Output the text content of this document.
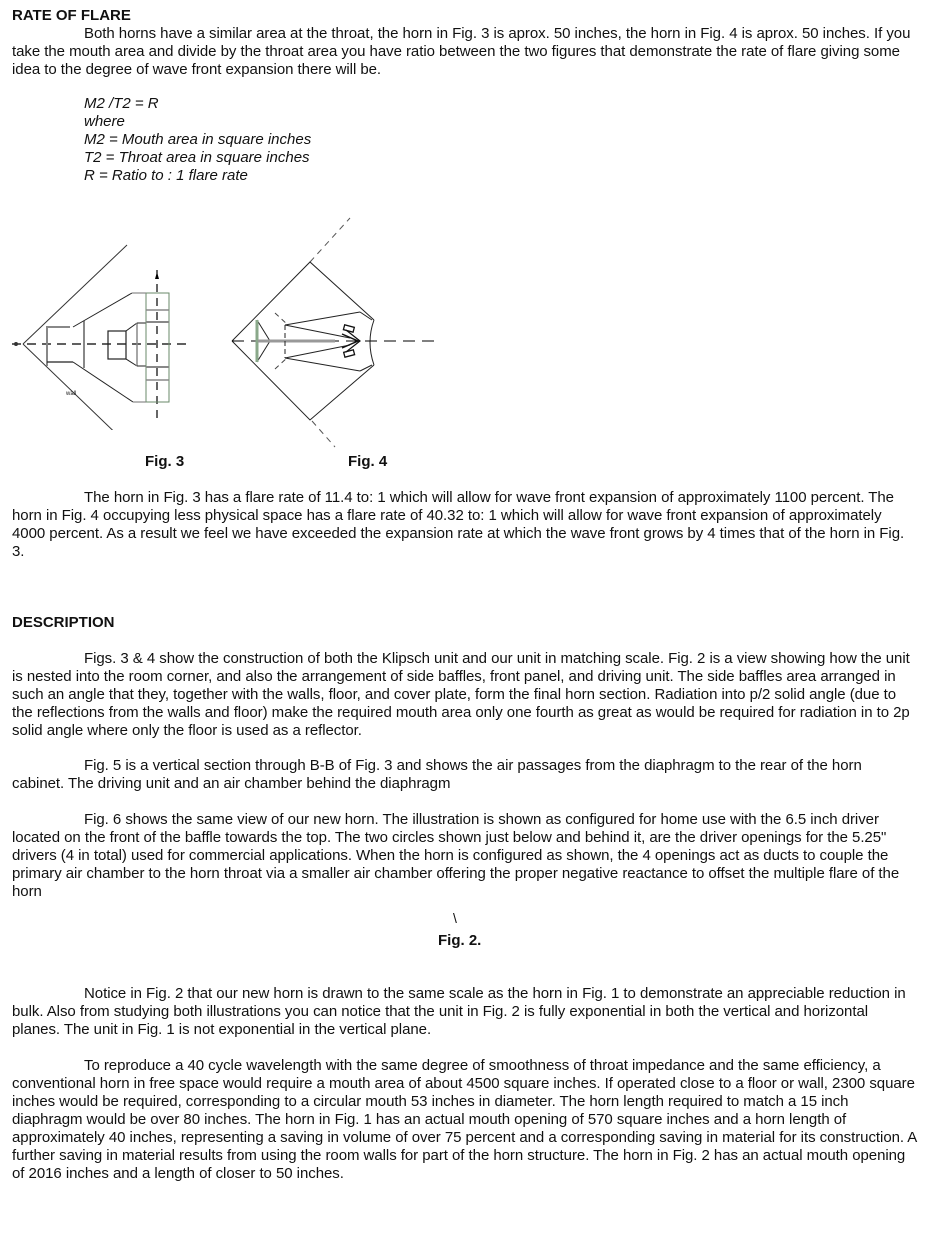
RATE OF FLARE

Both horns have a similar area at the throat, the horn in Fig. 3 is aprox. 50 inches, the horn in Fig. 4 is aprox. 50 inches. If you take the mouth area and divide by the throat area you have ratio between the two figures that demonstrate the rate of flare giving some idea to the degree of wave front expansion there will be.

M2 /T2 = R
where
M2 = Mouth area in square inches
T2 = Throat area in square inches
R = Ratio to : 1 flare rate
wall
Fig. 3	Fig. 4

The horn in Fig. 3 has a flare rate of 11.4 to: 1 which will allow for wave front expansion of approximately 1100 percent. The horn in Fig. 4 occupying less physical space has a flare rate of 40.32 to: 1 which will allow for wave front expansion of approximately 4000 percent. As a result we feel we have exceeded the expansion rate at which the wave front grows by 4 times that of the horn in Fig. 3.

DESCRIPTION

Figs. 3 & 4 show the construction of both the Klipsch unit and our unit in matching scale. Fig. 2 is a view showing how the unit is nested into the room corner, and also the arrangement of side baffles, front panel, and driving unit. The side baffles area arranged in such an angle that they, together with the walls, floor, and cover plate, form the final horn section. Radiation into p/2 solid angle (due to the reflections from the walls and floor) make the required mouth area only one fourth as great as would be required for radiation in to 2p solid angle where only the floor is used as a reflector.

Fig. 5 is a vertical section through B-B of Fig. 3 and shows the air passages from the diaphragm to the rear of the horn cabinet. The driving unit and an air chamber behind the diaphragm

Fig. 6 shows the same view of our new horn. The illustration is shown as configured for home use with the 6.5 inch driver located on the front of the baffle towards the top. The two circles shown just below and behind it, are the driver openings for the 5.25" drivers (4 in total) used for commercial applications. When the horn is configured as shown, the 4 openings act as ducts to couple the primary air chamber to the horn throat via a smaller air chamber offering the proper negative reactance to offset the multiple flare of the horn

\
Fig. 2.

Notice in Fig. 2 that our new horn is drawn to the same scale as the horn in Fig. 1 to demonstrate an appreciable reduction in bulk. Also from studying both illustrations you can notice that the unit in Fig. 2 is fully exponential in both the vertical and horizontal planes. The unit in Fig. 1 is not exponential in the vertical plane.

To reproduce a 40 cycle wavelength with the same degree of smoothness of throat impedance and the same efficiency, a conventional horn in free space would require a mouth area of about 4500 square inches. If operated close to a floor or wall, 2300 square inches would be required, corresponding to a circular mouth 53 inches in diameter. The horn length required to match a 15 inch diaphragm would be over 80 inches. The horn in Fig. 1 has an actual mouth opening of 570 square inches and a horn length of approximately 40 inches, representing a saving in volume of over 75 percent and a corresponding saving in material for its construction. A further saving in material results from using the room walls for part of the horn structure. The horn in Fig. 2 has an actual mouth opening of 2016 inches and a length of closer to 50 inches.
